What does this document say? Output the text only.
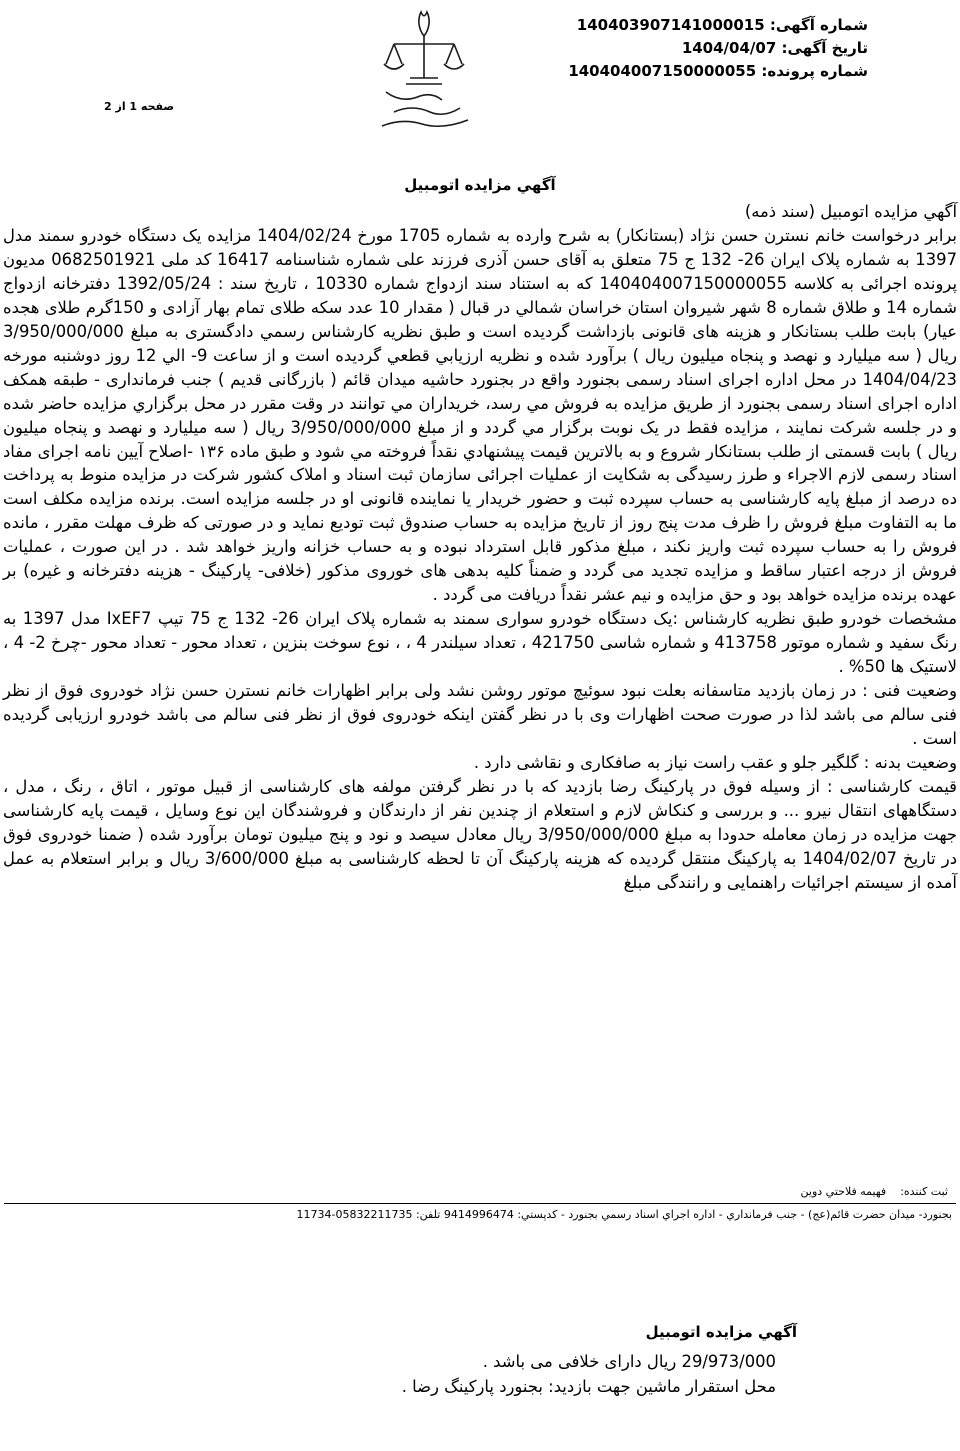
شماره آگهی: 140403907141000015
تاریخ آگهی: 1404/04/07
شماره پرونده: 140404007150000055
صفحه 1 از 2
آگهي مزايده اتومبيل

آگهي مزايده اتومبيل (سند ذمه)

برابر درخواست خانم نسترن حسن نژاد (بستانكار) به شرح وارده به شماره 1705 مورخ 1404/02/24 مزايده يک دستگاه خودرو سمند مدل 1397 به شماره پلاک ايران 26- 132 ج 75 متعلق به آقاى حسن آذرى فرزند على شماره شناسنامه 16417 كد ملى 0682501921 مديون پرونده اجرائى به كلاسه 140404007150000055 كه به استناد سند ازدواج شماره 10330 ، تاريخ سند : 1392/05/24 دفترخانه ازدواج شماره 14 و طلاق شماره 8 شهر شيروان استان خراسان شمالي در قبال ( مقدار 10 عدد سكه طلاى تمام بهار آزادى و 150گرم طلاى هجده عيار) بابت طلب بستانكار و هزينه هاى قانونى بازداشت گرديده است و طبق نظريه كارشناس رسمي دادگسترى به مبلغ 3/950/000/000 ريال ( سه ميليارد و نهصد و پنجاه ميليون ريال ) برآورد شده و نظريه ارزيابي قطعي گرديده است و از ساعت 9- الي 12 روز دوشنبه مورخه 1404/04/23 در محل اداره اجراى اسناد رسمى بجنورد واقع در بجنورد حاشيه ميدان قائم ( بازرگانى قديم ) جنب فرماندارى - طبقه همكف اداره اجراى اسناد رسمى بجنورد از طريق مزايده به فروش مي رسد، خريداران مي توانند در وقت مقرر در محل برگزاري مزايده حاضر شده و در جلسه شركت نمايند ، مزايده فقط در يک نوبت برگزار مي گردد و از مبلغ 3/950/000/000 ريال ( سه ميليارد و نهصد و پنجاه ميليون ريال ) بابت قسمتى از طلب بستانكار شروع و به بالاترين قيمت پيشنهادي نقداً فروخته مي شود و طبق ماده ۱۳۶ -اصلاح آيين نامه اجراى مفاد اسناد رسمى لازم الاجراء و طرز رسيدگى به شكايت از عمليات اجرائى سازمان ثبت اسناد و املاک كشور شركت در مزايده منوط به پرداخت ده درصد از مبلغ پايه كارشناسى به حساب سپرده ثبت و حضور خريدار يا نماينده قانونى او در جلسه مزايده است. برنده مزايده مكلف است ما به التفاوت مبلغ فروش را ظرف مدت پنج روز از تاريخ مزايده به حساب صندوق ثبت توديع نمايد و در صورتى كه ظرف مهلت مقرر ، مانده فروش را به حساب سپرده ثبت واريز نكند ، مبلغ مذكور قابل استرداد نبوده و به حساب خزانه واريز خواهد شد . در اين صورت ، عمليات فروش از درجه اعتبار ساقط و مزايده تجديد مى گردد و ضمناً كليه بدهى هاى خوروى مذكور (خلافى- پاركينگ - هزينه دفترخانه و غيره) بر عهده برنده مزايده خواهد بود و حق مزايده و نيم عشر نقداً دريافت مى گردد .

مشخصات خودرو طبق نظريه كارشناس :يک دستگاه خودرو سوارى سمند به شماره پلاک ايران 26- 132 ج 75 تيپ IxEF7 مدل 1397 به رنگ سفيد و شماره موتور 413758 و شماره شاسى 421750 ، تعداد سيلندر 4 ، ، نوع سوخت بنزين ، تعداد محور - تعداد محور -چرخ 2- 4 ، لاستيک ها 50% .

وضعيت فنى : در زمان بازديد متاسفانه بعلت نبود سوئيچ موتور روشن نشد ولى برابر اظهارات خانم نسترن حسن نژاد خودروى فوق از نظر فنى سالم مى باشد لذا در صورت صحت اظهارات وى با در نظر گفتن اينكه خودروى فوق از نظر فنى سالم مى باشد خودرو ارزيابى گرديده است .

وضعيت بدنه : گلگير جلو و عقب راست نياز به صافكارى و نقاشى دارد .

قيمت كارشناسى : از وسيله فوق در پاركينگ رضا بازديد كه با در نظر گرفتن مولفه هاى كارشناسى از قبيل موتور ، اتاق ، رنگ ، مدل ، دستگاههاى انتقال نيرو ... و بررسى و كنكاش لازم و استعلام از چندين نفر از دارندگان و فروشندگان اين نوع وسايل ، قيمت پايه كارشناسى جهت مزايده در زمان معامله حدودا به مبلغ 3/950/000/000 ريال معادل سيصد و نود و پنج ميليون تومان برآورد شده ( ضمنا خودروى فوق در تاريخ 1404/02/07 به پاركينگ منتقل گرديده كه هزينه پاركينگ آن تا لحظه كارشناسى به مبلغ 3/600/000 ريال و برابر استعلام به عمل آمده از سيستم اجرائيات راهنمايى و رانندگى مبلغ

ثبت كننده:فهيمه فلاحتي دوين
بجنورد- ميدان حضرت قائم(عج) - جنب فرمانداري - اداره اجراي اسناد رسمي بجنورد - كدپستي: 9414996474 تلفن: 05832211735-11734
آگهي مزايده اتومبيل
29/973/000 ريال داراى خلافى مى باشد .
محل استقرار ماشين جهت بازديد: بجنورد پاركينگ رضا .
